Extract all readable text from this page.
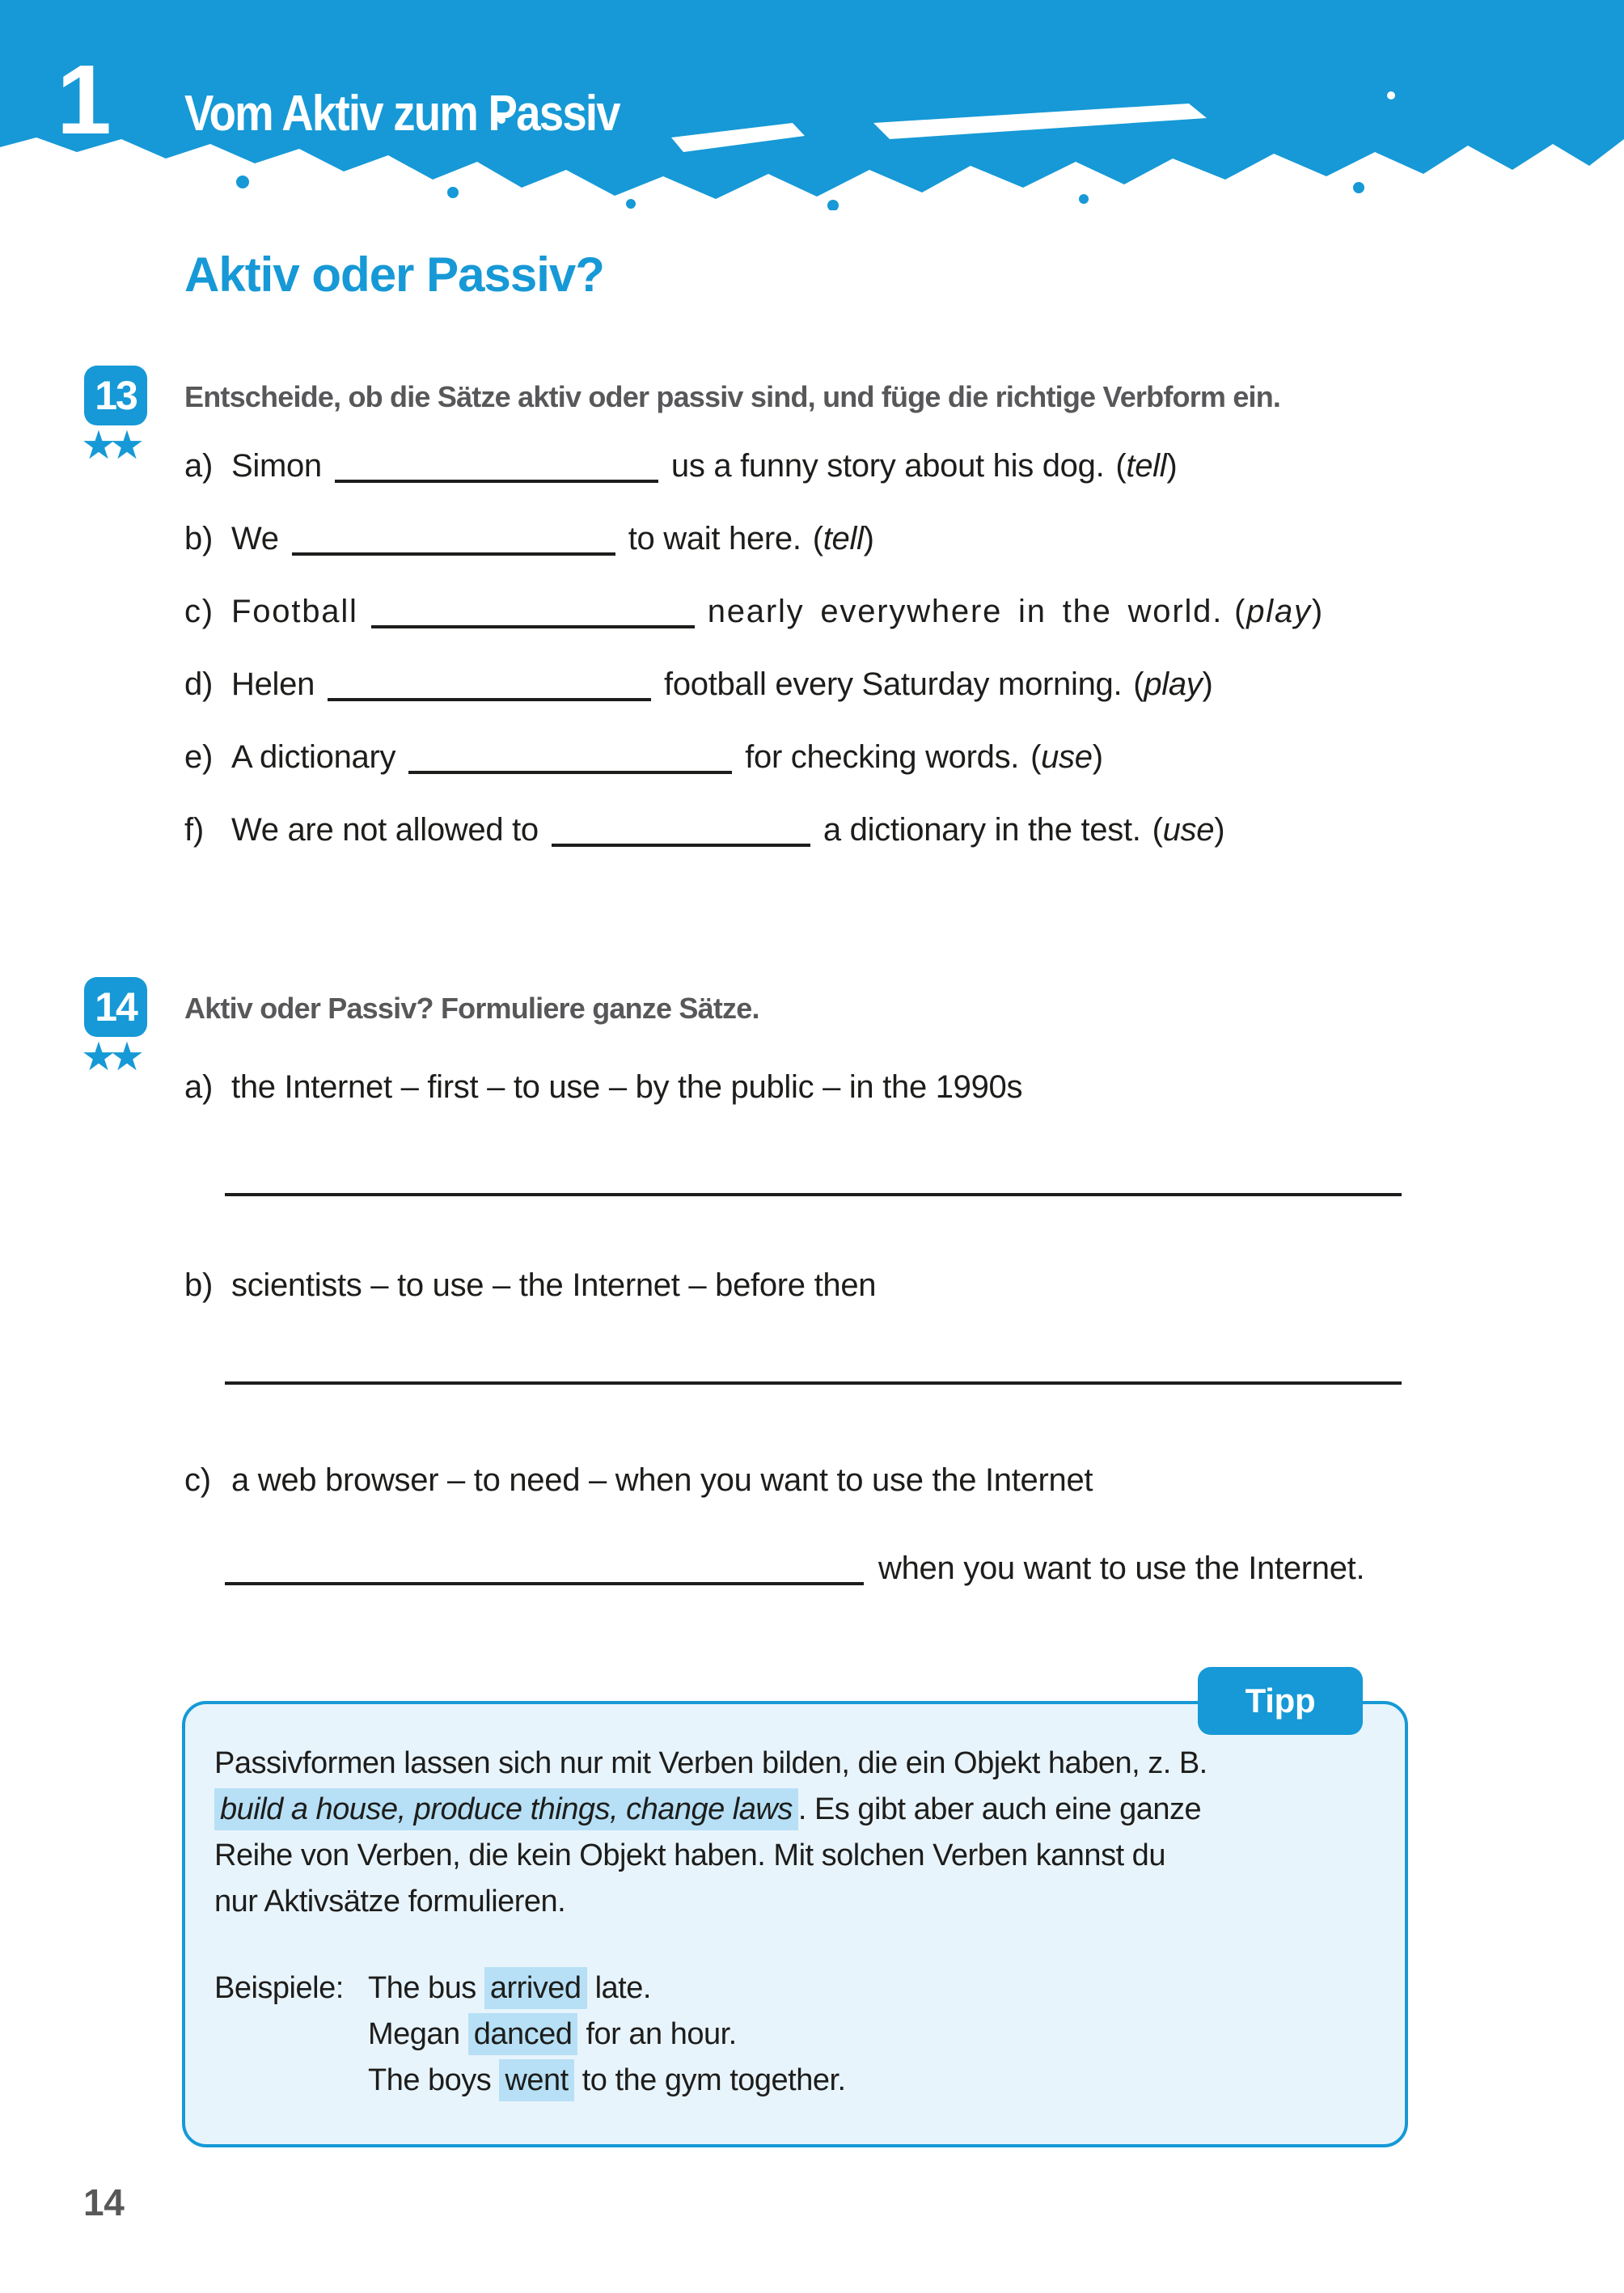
1 Vom Aktiv zum Passiv
Aktiv oder Passiv?
13
★★
Entscheide, ob die Sätze aktiv oder passiv sind, und füge die richtige Verbform ein.
a) Simon	us a funny story about his dog. (tell)
b) We	to wait here. (tell)
c) Football	nearly everywhere in the world. (play)
d) Helen	football every Saturday morning. (play)
e) A dictionary	for checking words. (use)
f) We are not allowed to	a dictionary in the test. (use)
14
★★
Aktiv oder Passiv? Formuliere ganze Sätze.
a) the Internet – first – to use – by the public – in the 1990s
b) scientists – to use – the Internet – before then
c) a web browser – to need – when you want to use the Internet
when you want to use the Internet.
Tipp
Passivformen lassen sich nur mit Verben bilden, die ein Objekt haben, z. B.
build a house, produce things, change laws . Es gibt aber auch eine ganze
Reihe von Verben, die kein Objekt haben. Mit solchen Verben kannst du
nur Aktivsätze formulieren.
Beispiele: The bus arrived late.
Megan danced for an hour.
The boys went to the gym together.
14
